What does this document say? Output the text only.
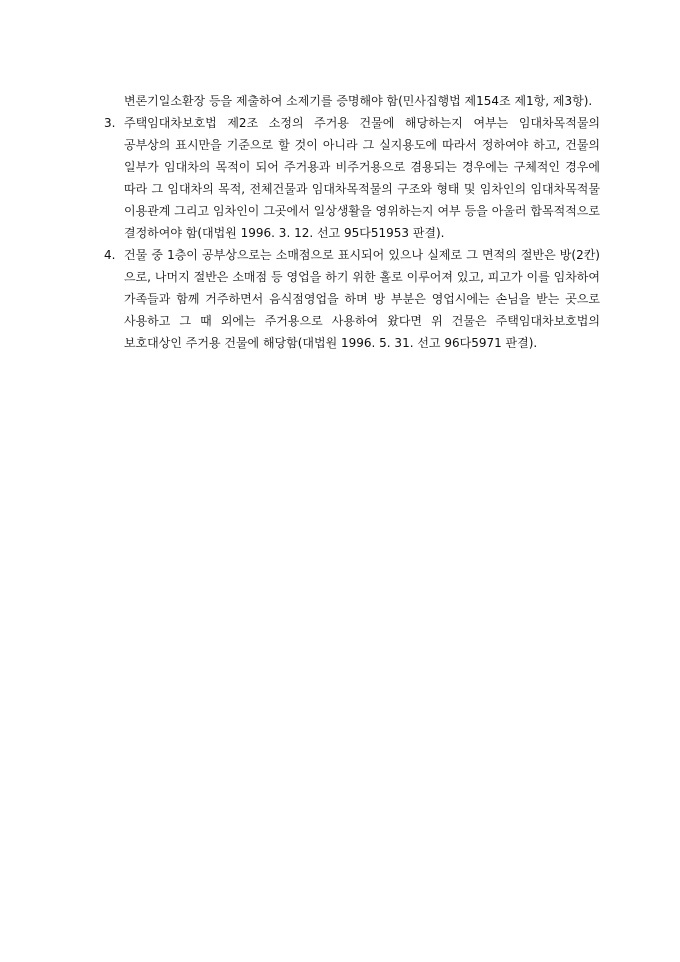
변론기일소환장 등을 제출하여 소제기를 증명해야 함(민사집행법 제154조 제1항, 제3항).

3. 주택임대차보호법 제2조 소정의 주거용 건물에 해당하는지 여부는 임대차목적물의 공부상의 표시만을 기준으로 할 것이 아니라 그 실지용도에 따라서 정하여야 하고, 건물의 일부가 임대차의 목적이 되어 주거용과 비주거용으로 겸용되는 경우에는 구체적인 경우에 따라 그 임대차의 목적, 전체건물과 임대차목적물의 구조와 형태 및 임차인의 임대차목적물 이용관계 그리고 임차인이 그곳에서 일상생활을 영위하는지 여부 등을 아울러 합목적적으로 결정하여야 함(대법원 1996. 3. 12. 선고 95다51953 판결).
4. 건물 중 1층이 공부상으로는 소매점으로 표시되어 있으나 실제로 그 면적의 절반은 방(2칸)으로, 나머지 절반은 소매점 등 영업을 하기 위한 홀로 이루어져 있고, 피고가 이를 임차하여 가족들과 함께 거주하면서 음식점영업을 하며 방 부분은 영업시에는 손님을 받는 곳으로 사용하고 그 때 외에는 주거용으로 사용하여 왔다면 위 건물은 주택임대차보호법의 보호대상인 주거용 건물에 해당함(대법원 1996. 5. 31. 선고 96다5971 판결).
